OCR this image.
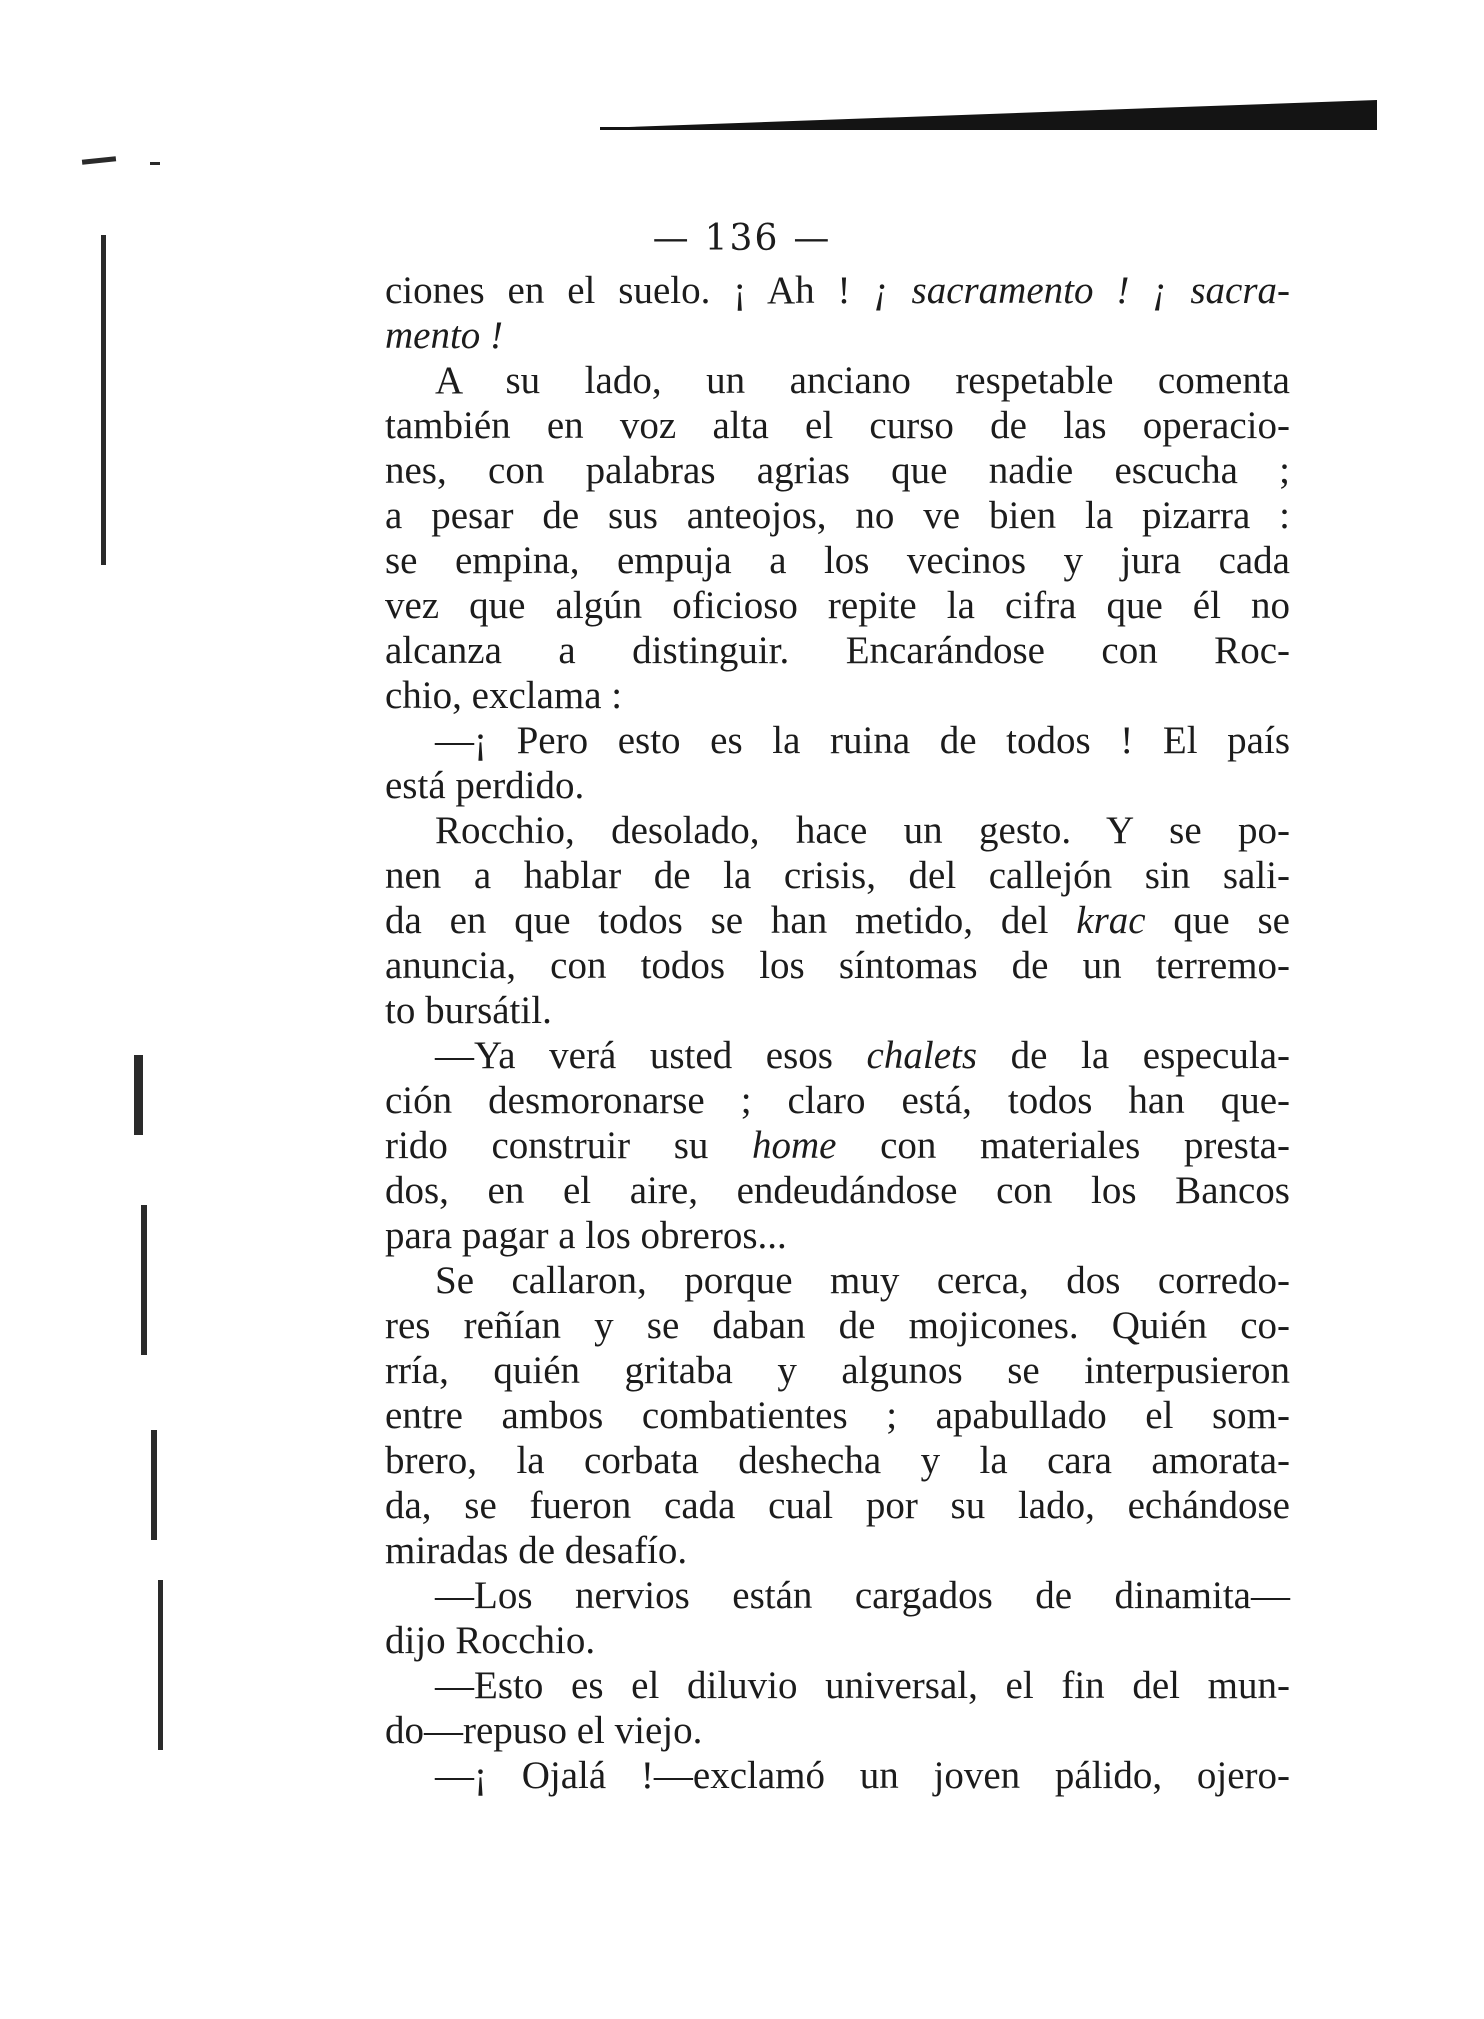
— 136 —
ciones en el suelo. ¡ Ah ! ¡ sacramento ! ¡ sacra-
mento !
A su lado, un anciano respetable comenta
también en voz alta el curso de las operacio-
nes, con palabras agrias que nadie escucha ;
a pesar de sus anteojos, no ve bien la pizarra :
se empina, empuja a los vecinos y jura cada
vez que algún oficioso repite la cifra que él no
alcanza a distinguir. Encarándose con Roc-
chio, exclama :
—¡ Pero esto es la ruina de todos ! El país
está perdido.
Rocchio, desolado, hace un gesto. Y se po-
nen a hablar de la crisis, del callejón sin sali-
da en que todos se han metido, del krac que se
anuncia, con todos los síntomas de un terremo-
to bursátil.
—Ya verá usted esos chalets de la especula-
ción desmoronarse ; claro está, todos han que-
rido construir su home con materiales presta-
dos, en el aire, endeudándose con los Bancos
para pagar a los obreros...
Se callaron, porque muy cerca, dos corredo-
res reñían y se daban de mojicones. Quién co-
rría, quién gritaba y algunos se interpusieron
entre ambos combatientes ; apabullado el som-
brero, la corbata deshecha y la cara amorata-
da, se fueron cada cual por su lado, echándose
miradas de desafío.
—Los nervios están cargados de dinamita—
dijo Rocchio.
—Esto es el diluvio universal, el fin del mun-
do—repuso el viejo.
—¡ Ojalá !—exclamó un joven pálido, ojero-
